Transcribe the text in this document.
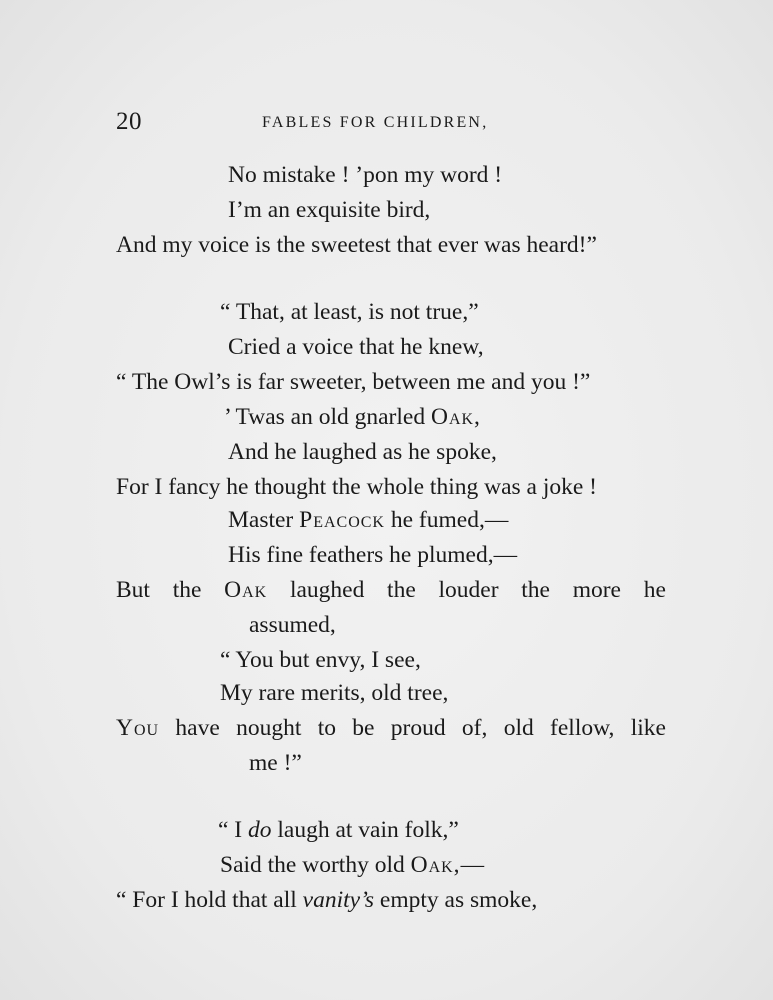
20	FABLES FOR CHILDREN,
No mistake ! ’pon my word !
I’m an exquisite bird,
And my voice is the sweetest that ever was heard!”
“ That, at least, is not true,”
Cried a voice that he knew,
“ The Owl’s is far sweeter, between me and you !”
’ Twas an old gnarled Oak,
And he laughed as he spoke,
For I fancy he thought the whole thing was a joke !
Master Peacock he fumed,—
His fine feathers he plumed,—
But the Oak laughed the louder the more he
assumed,
“ You but envy, I see,
My rare merits, old tree,
You have nought to be proud of, old fellow, like
me !”
“ I do laugh at vain folk,”
Said the worthy old Oak,—
“ For I hold that all vanity’s empty as smoke,
